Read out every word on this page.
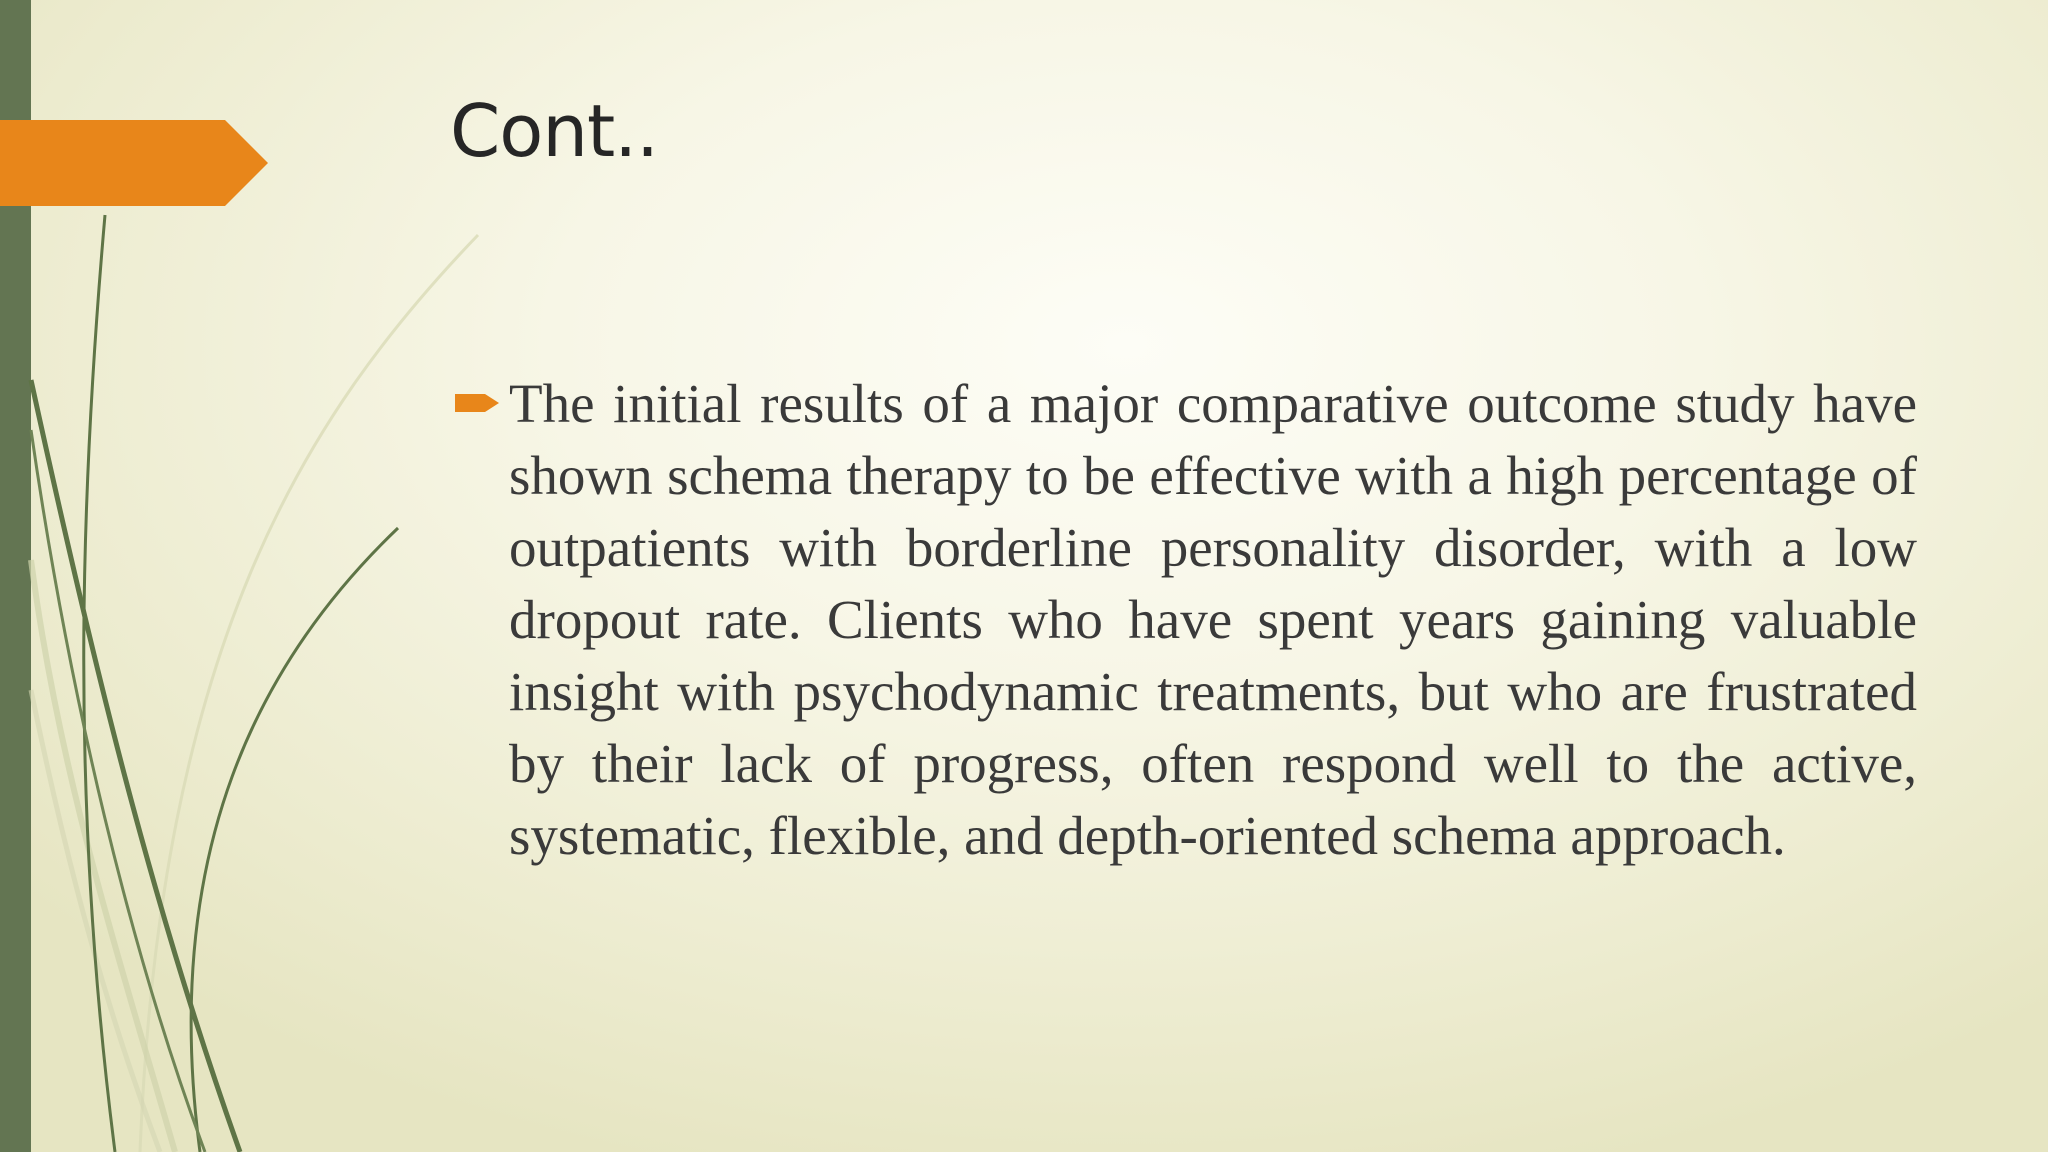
Cont..
The initial results of a major comparative outcome study have shown schema therapy to be effective with a high percentage of outpatients with borderline personality disorder, with a low dropout rate. Clients who have spent years gaining valuable insight with psychodynamic treatments, but who are frustrated by their lack of progress, often respond well to the active, systematic, flexible, and depth-oriented schema approach.
